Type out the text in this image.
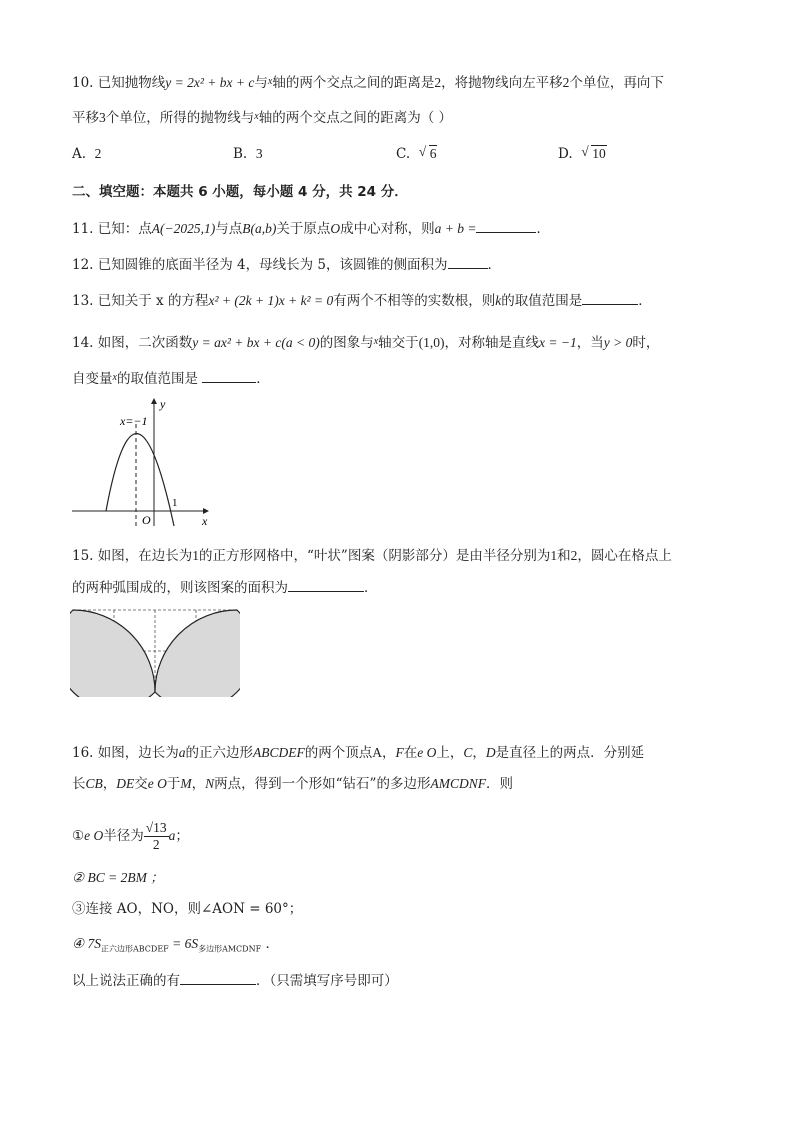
10. 已知抛物线y = 2x² + bx + c与$^x$轴的两个交点之间的距离是2，将抛物线向左平移2个单位，再向下
平移3个单位，所得的抛物线与$^x$轴的两个交点之间的距离为（ ）
A. 2	B. 3	C. √ 6	D. √ 10
二、填空题：本题共 6 小题，每小题 4 分，共 24 分．
11. 已知：点A(−2025,1)与点B(a,b)关于原点O成中心对称，则a + b =	．
12. 已知圆锥的底面半径为 4，母线长为 5，该圆锥的侧面积为	．
13. 已知关于 x 的方程x² + (2k + 1)x + k² = 0有两个不相等的实数根，则k的取值范围是	．
14. 如图，二次函数y = ax² + bx + c(a < 0)的图象与$^x$轴交于(1,0)，对称轴是直线x = −1，当y > 0时，
自变量$^x$的取值范围是	．
x=−1
y
x
O
1
15. 如图，在边长为1的正方形网格中，“叶状”图案（阴影部分）是由半径分别为1和2，圆心在格点上
的两种弧围成的，则该图案的面积为	．
16. 如图，边长为a的正六边形ABCDEF的两个顶点A，F在e O上，C，D是直径上的两点．分别延
长CB，DE交e O于M，N两点，得到一个形如“钻石”的多边形AMCDNF．则
①e O半径为 $\frac{√13}{2}$ a；
② BC = 2BM ；
③连接 AO，NO，则∠AON = 60°；
④ $7S_{正六边形ABCDEF} = 6S_{多边形AMCDNF}$ ．
以上说法正确的有	．（只需填写序号即可）
